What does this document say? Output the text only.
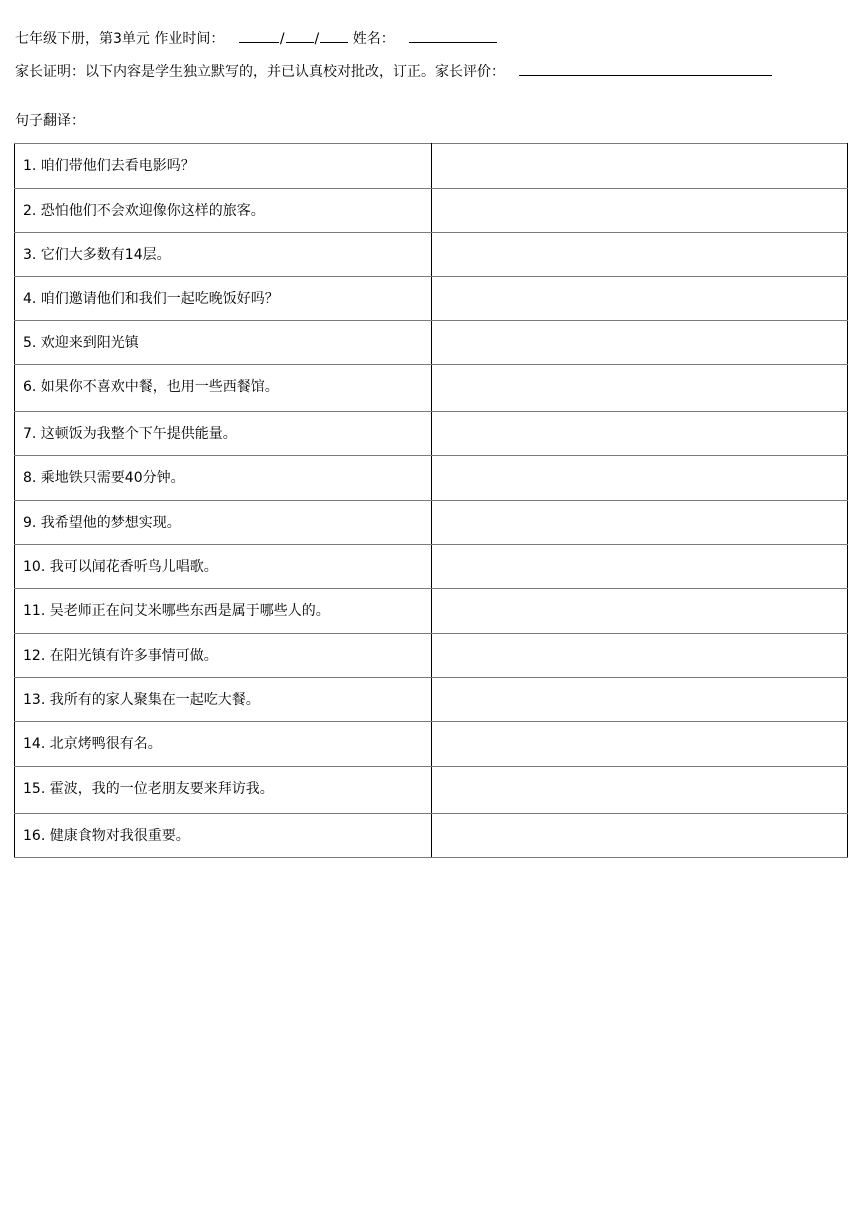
七年级下册，第3单元 作业时间：	/ / 姓名：
家长证明：以下内容是学生独立默写的，并已认真校对批改，订正。家长评价：
句子翻译：
1. 咱们带他们去看电影吗？	
2. 恐怕他们不会欢迎像你这样的旅客。	
3. 它们大多数有14层。	
4. 咱们邀请他们和我们一起吃晚饭好吗？	
5. 欢迎来到阳光镇	
6. 如果你不喜欢中餐，也用一些西餐馆。	
7. 这顿饭为我整个下午提供能量。	
8. 乘地铁只需要40分钟。	
9. 我希望他的梦想实现。	
10. 我可以闻花香听鸟儿唱歌。	
11. 吴老师正在问艾米哪些东西是属于哪些人的。	
12. 在阳光镇有许多事情可做。	
13. 我所有的家人聚集在一起吃大餐。	
14. 北京烤鸭很有名。	
15. 霍波，我的一位老朋友要来拜访我。	
16. 健康食物对我很重要。	
